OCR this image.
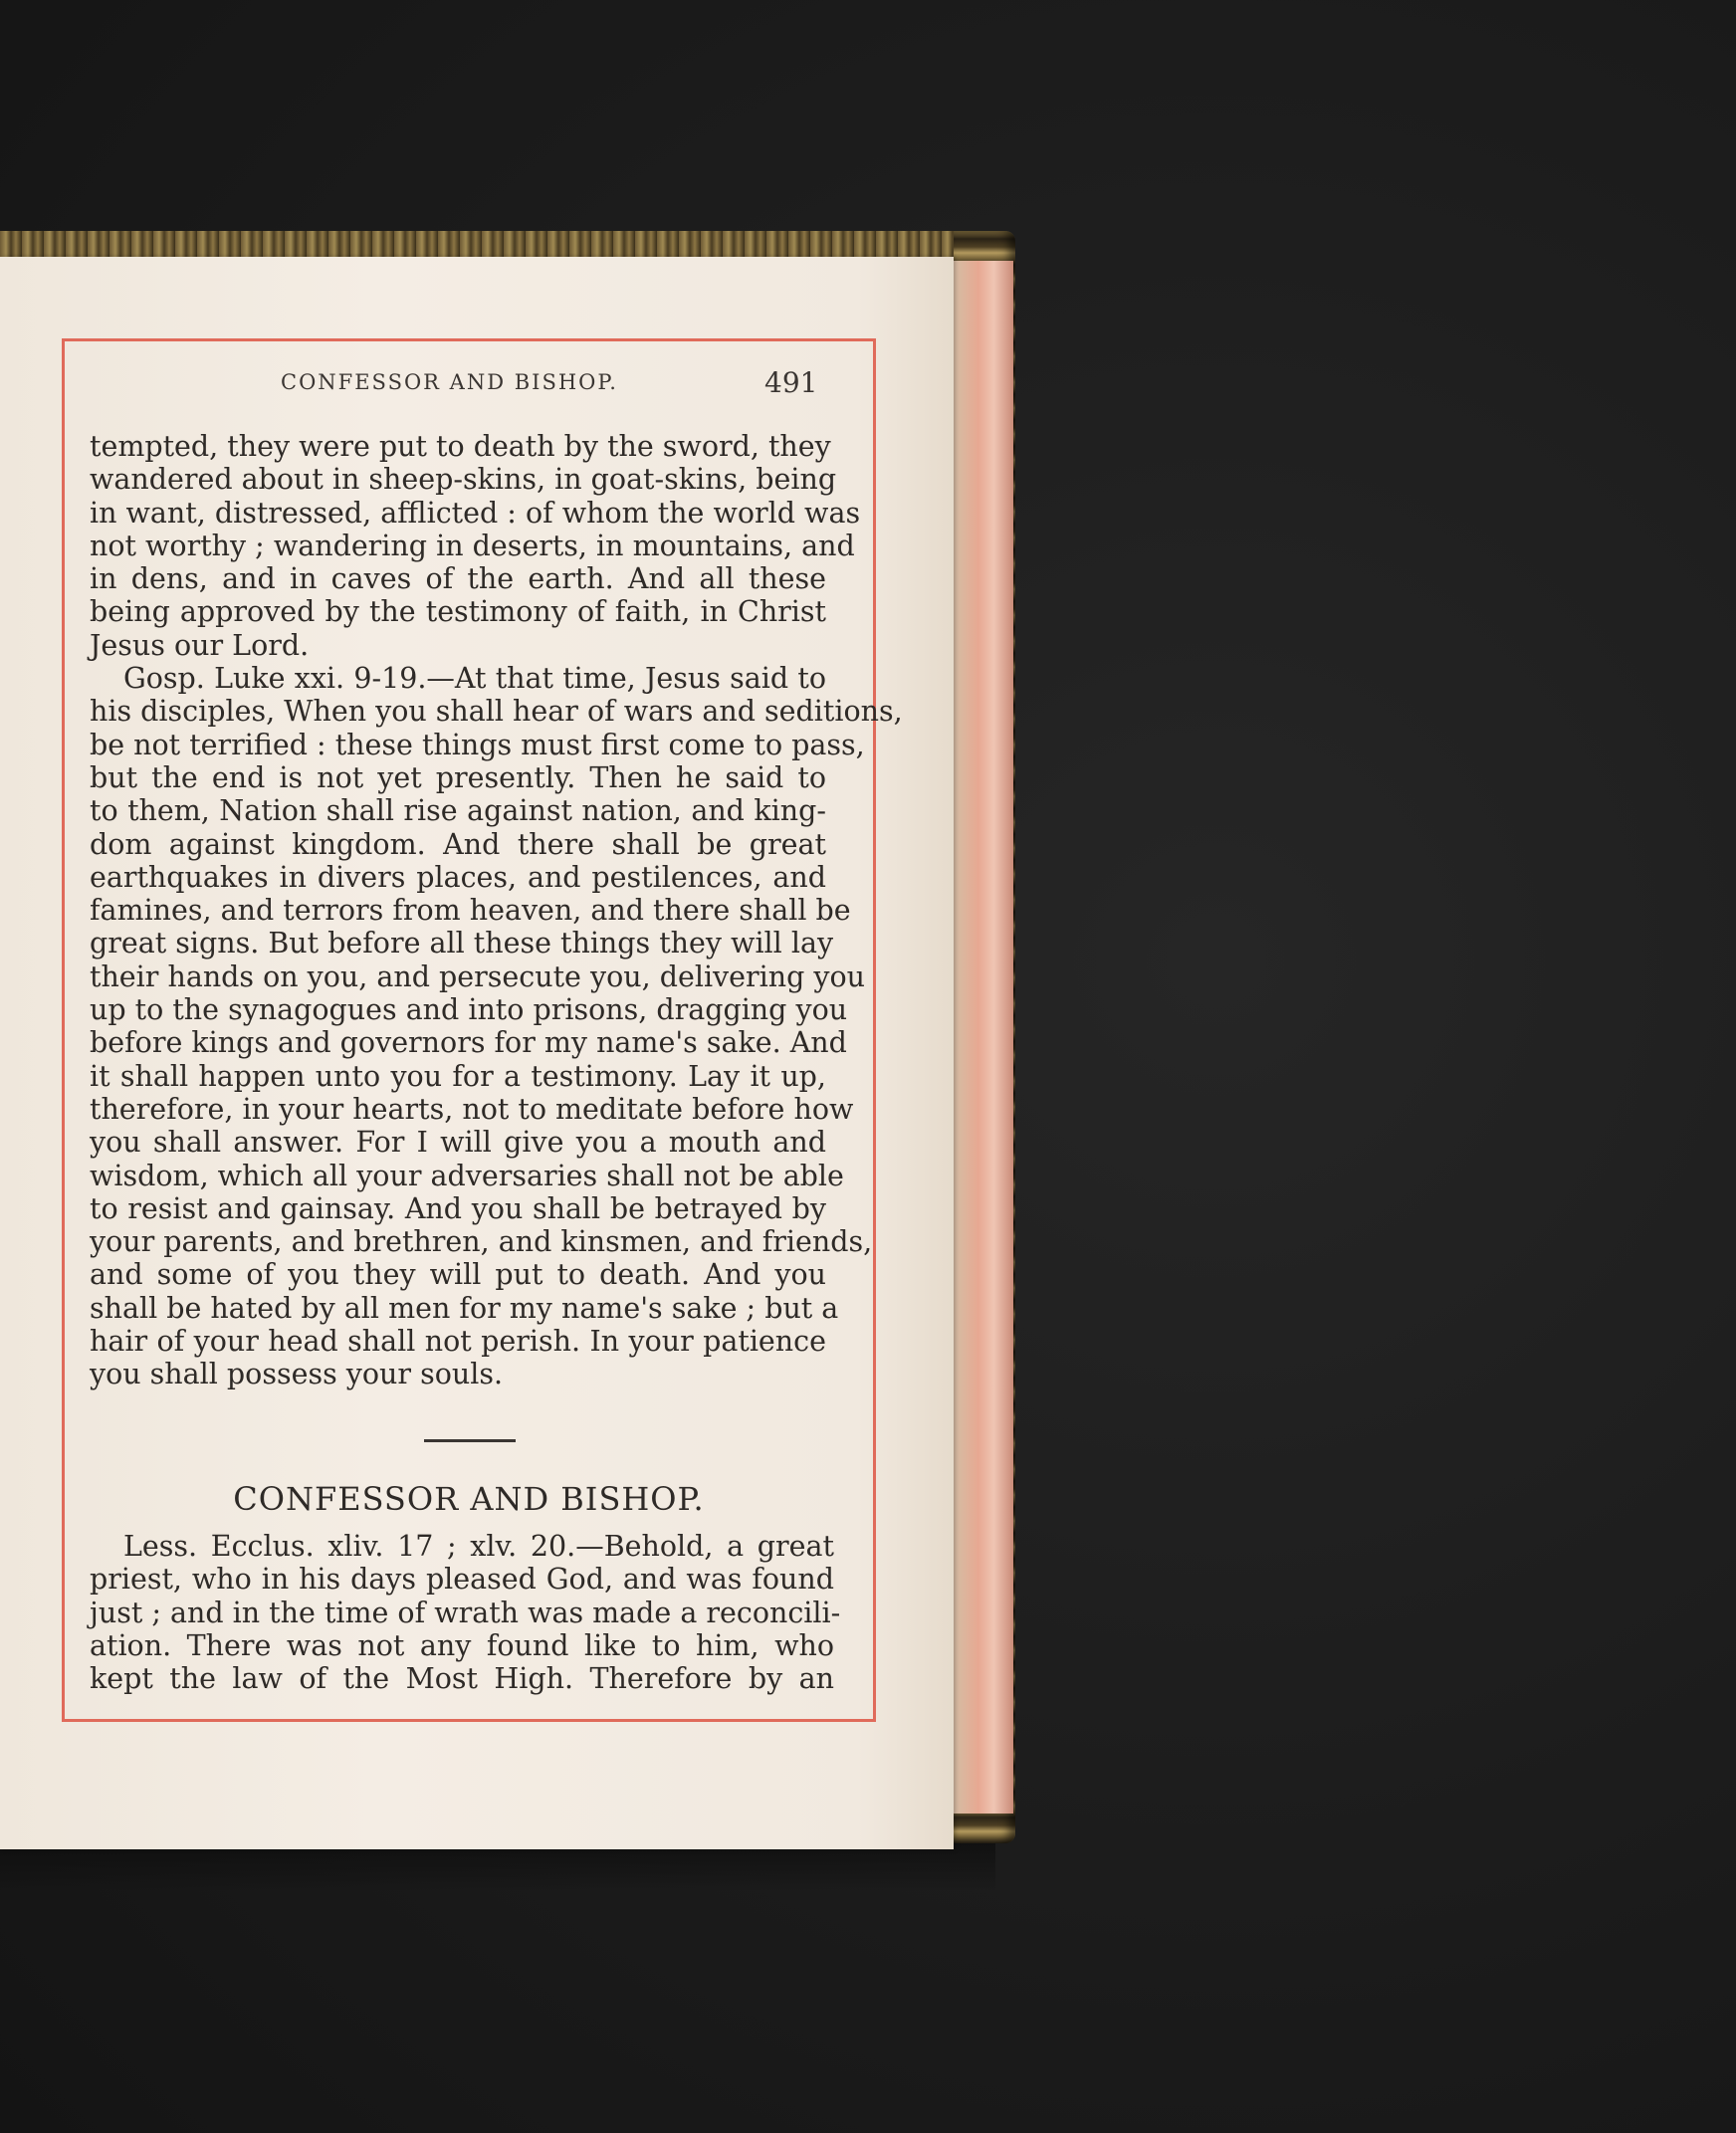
CONFESSOR AND BISHOP.	491
tempted, they were put to death by the sword, they
wandered about in sheep-skins, in goat-skins, being
in want, distressed, afflicted : of whom the world was
not worthy ; wandering in deserts, in mountains, and
in dens, and in caves of the earth. And all these
being approved by the testimony of faith, in Christ
Jesus our Lord.
Gosp. Luke xxi. 9-19.—At that time, Jesus said to
his disciples, When you shall hear of wars and seditions,
be not terrified : these things must first come to pass,
but the end is not yet presently. Then he said to
to them, Nation shall rise against nation, and king-
dom against kingdom. And there shall be great
earthquakes in divers places, and pestilences, and
famines, and terrors from heaven, and there shall be
great signs. But before all these things they will lay
their hands on you, and persecute you, delivering you
up to the synagogues and into prisons, dragging you
before kings and governors for my name's sake. And
it shall happen unto you for a testimony. Lay it up,
therefore, in your hearts, not to meditate before how
you shall answer. For I will give you a mouth and
wisdom, which all your adversaries shall not be able
to resist and gainsay. And you shall be betrayed by
your parents, and brethren, and kinsmen, and friends,
and some of you they will put to death. And you
shall be hated by all men for my name's sake ; but a
hair of your head shall not perish. In your patience
you shall possess your souls.
CONFESSOR AND BISHOP.
Less. Ecclus. xliv. 17 ; xlv. 20.—Behold, a great
priest, who in his days pleased God, and was found
just ; and in the time of wrath was made a reconcili-
ation. There was not any found like to him, who
kept the law of the Most High. Therefore by an
